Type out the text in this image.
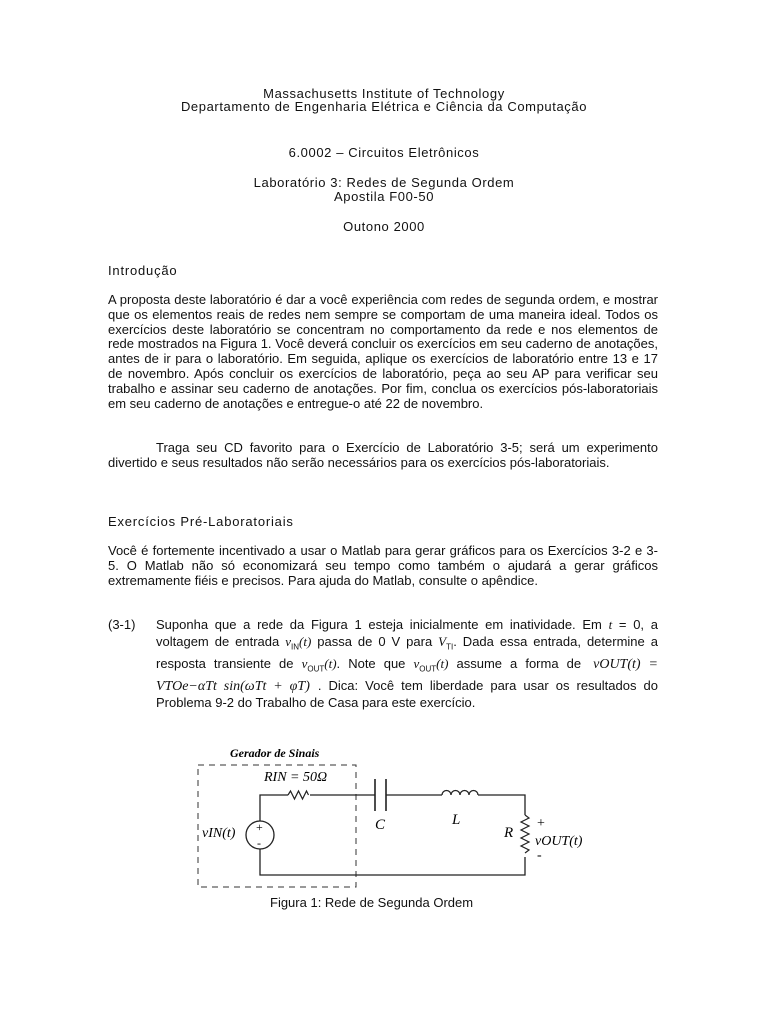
Massachusetts Institute of Technology
Departamento de Engenharia Elétrica e Ciência da Computação
6.0002 – Circuitos Eletrônicos
Laboratório 3: Redes de Segunda Ordem
Apostila F00-50
Outono 2000
Introdução

A proposta deste laboratório é dar a você experiência com redes de segunda ordem, e mostrar que os elementos reais de redes nem sempre se comportam de uma maneira ideal. Todos os exercícios deste laboratório se concentram no comportamento da rede e nos elementos de rede mostrados na Figura 1. Você deverá concluir os exercícios em seu caderno de anotações, antes de ir para o laboratório. Em seguida, aplique os exercícios de laboratório entre 13 e 17 de novembro. Após concluir os exercícios de laboratório, peça ao seu AP para verificar seu trabalho e assinar seu caderno de anotações. Por fim, conclua os exercícios pós-laboratoriais em seu caderno de anotações e entregue-o até 22 de novembro.

Traga seu CD favorito para o Exercício de Laboratório 3-5; será um experimento divertido e seus resultados não serão necessários para os exercícios pós-laboratoriais.

Exercícios Pré-Laboratoriais

Você é fortemente incentivado a usar o Matlab para gerar gráficos para os Exercícios 3-2 e 3-5. O Matlab não só economizará seu tempo como também o ajudará a gerar gráficos extremamente fiéis e precisos. Para ajuda do Matlab, consulte o apêndice.

(3-1) Suponha que a rede da Figura 1 esteja inicialmente em inatividade. Em t = 0, a voltagem de entrada $v_{IN}(t)$ passa de 0 V para $V_{TI}$. Dada essa entrada, determine a resposta transiente de $v_{OUT}(t)$. Note que $v_{OUT}(t)$ assume a forma de vOUT(t) = VTOe−αTt sin(ωTt + φT) . Dica: Você tem liberdade para usar os resultados do Problema 9-2 do Trabalho de Casa para este exercício.

Gerador de Sinais
RIN = 50Ω
C	L
R
+
vOUT(t)
-
+
-
vIN(t)
Figura 1: Rede de Segunda Ordem
